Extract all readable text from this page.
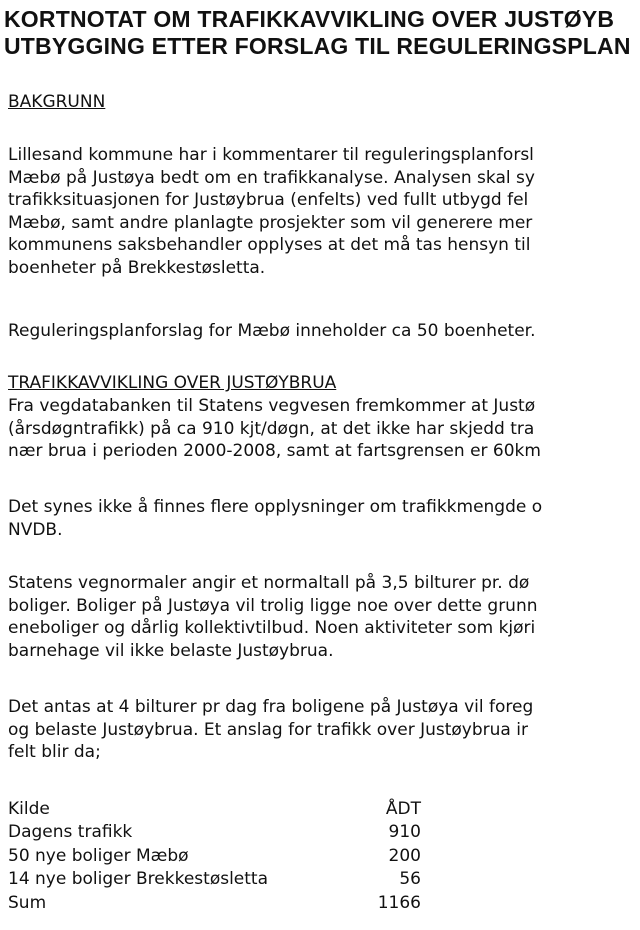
KORTNOTAT OM TRAFIKKAVVIKLING OVER JUSTØYB
UTBYGGING ETTER FORSLAG TIL REGULERINGSPLAN
BAKGRUNN
Lillesand kommune har i kommentarer til reguleringsplanforsl
Mæbø på Justøya bedt om en trafikkanalyse. Analysen skal sy
trafikksituasjonen for Justøybrua (enfelts) ved fullt utbygd fel
Mæbø, samt andre planlagte prosjekter som vil generere mer
kommunens saksbehandler opplyses at det må tas hensyn til
boenheter på Brekkestøsletta.
Reguleringsplanforslag for Mæbø inneholder ca 50 boenheter.
TRAFIKKAVVIKLING OVER JUSTØYBRUA
Fra vegdatabanken til Statens vegvesen fremkommer at Justø
(årsdøgntrafikk) på ca 910 kjt/døgn, at det ikke har skjedd tra
nær brua i perioden 2000-2008, samt at fartsgrensen er 60km
Det synes ikke å finnes flere opplysninger om trafikkmengde o
NVDB.
Statens vegnormaler angir et normaltall på 3,5 bilturer pr. dø
boliger. Boliger på Justøya vil trolig ligge noe over dette grunn
eneboliger og dårlig kollektivtilbud. Noen aktiviteter som kjøri
barnehage vil ikke belaste Justøybrua.
Det antas at 4 bilturer pr dag fra boligene på Justøya vil foreg
og belaste Justøybrua. Et anslag for trafikk over Justøybrua ir
felt blir da;
Kilde	ÅDT
Dagens trafikk	910
50 nye boliger Mæbø	200
14 nye boliger Brekkestøsletta	56
Sum	1166
